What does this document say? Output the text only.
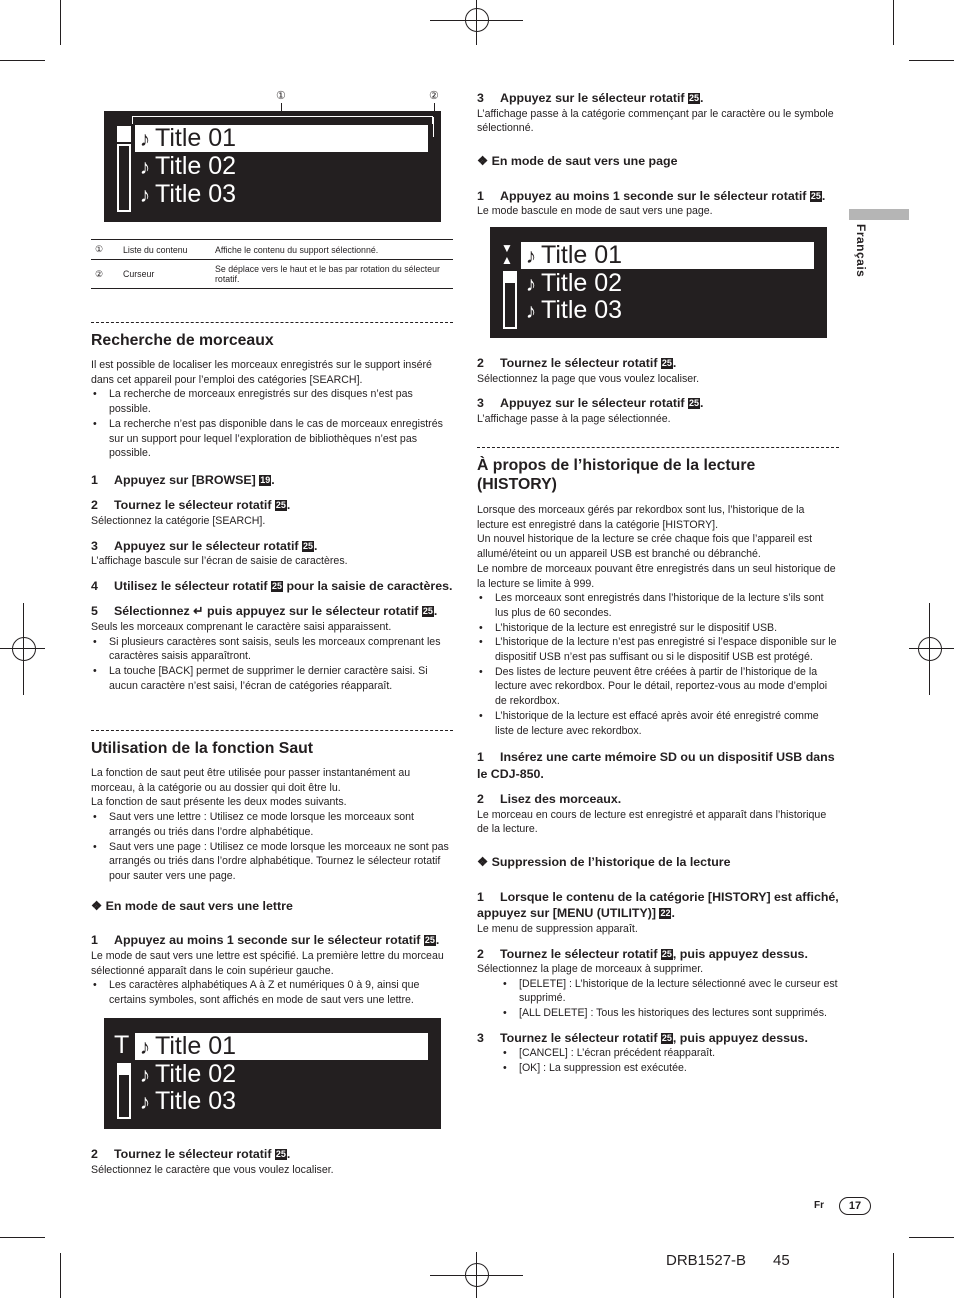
Français
①	②
♪ Title 01
♪ Title 02
♪ Title 03
①	Liste du contenu	Affiche le contenu du support sélectionné.
②	Curseur	Se déplace vers le haut et le bas par rotation du sélecteur rotatif.
Recherche de morceaux

Il est possible de localiser les morceaux enregistrés sur le support inséré dans cet appareil pour l’emploi des catégories [SEARCH].

• La recherche de morceaux enregistrés sur des disques n’est pas possible.
• La recherche n’est pas disponible dans le cas de morceaux enregistrés sur un support pour lequel l’exploration de bibliothèques n’est pas possible.

1 Appuyez sur [BROWSE] 19.

2 Tournez le sélecteur rotatif 25.

Sélectionnez la catégorie [SEARCH].

3 Appuyez sur le sélecteur rotatif 25.

L’affichage bascule sur l’écran de saisie de caractères.

4 Utilisez le sélecteur rotatif 25 pour la saisie de caractères.

5 Sélectionnez ↵ puis appuyez sur le sélecteur rotatif 25.

Seuls les morceaux comprenant le caractère saisi apparaissent.

• Si plusieurs caractères sont saisis, seuls les morceaux comprenant les caractères saisis apparaîtront.
• La touche [BACK] permet de supprimer le dernier caractère saisi. Si aucun caractère n’est saisi, l’écran de catégories réapparaît.
Utilisation de la fonction Saut

La fonction de saut peut être utilisée pour passer instantanément au morceau, à la catégorie ou au dossier qui doit être lu.

La fonction de saut présente les deux modes suivants.

• Saut vers une lettre : Utilisez ce mode lorsque les morceaux sont arrangés ou triés dans l’ordre alphabétique.
• Saut vers une page : Utilisez ce mode lorsque les morceaux ne sont pas arrangés ou triés dans l’ordre alphabétique. Tournez le sélecteur rotatif pour sauter vers une page.
❖ En mode de saut vers une lettre

1 Appuyez au moins 1 seconde sur le sélecteur rotatif 25.

Le mode de saut vers une lettre est spécifié. La première lettre du morceau sélectionné apparaît dans le coin supérieur gauche.

• Les caractères alphabétiques A à Z et numériques 0 à 9, ainsi que certains symboles, sont affichés en mode de saut vers une lettre.
T ♪ Title 01
♪ Title 02
♪ Title 03

2 Tournez le sélecteur rotatif 25.

Sélectionnez le caractère que vous voulez localiser.

3 Appuyez sur le sélecteur rotatif 25.

L’affichage passe à la catégorie commençant par le caractère ou le symbole sélectionné.

❖ En mode de saut vers une page

1 Appuyez au moins 1 seconde sur le sélecteur rotatif 25.

Le mode bascule en mode de saut vers une page.

▼
▲ ♪ Title 01
♪ Title 02
♪ Title 03

2 Tournez le sélecteur rotatif 25.

Sélectionnez la page que vous voulez localiser.

3 Appuyez sur le sélecteur rotatif 25.

L’affichage passe à la page sélectionnée.

À propos de l’historique de la lecture
(HISTORY)

Lorsque des morceaux gérés par rekordbox sont lus, l’historique de la lecture est enregistré dans la catégorie [HISTORY].

Un nouvel historique de la lecture se crée chaque fois que l’appareil est allumé/éteint ou un appareil USB est branché ou débranché.

Le nombre de morceaux pouvant être enregistrés dans un seul historique de la lecture se limite à 999.

• Les morceaux sont enregistrés dans l’historique de la lecture s’ils sont lus plus de 60 secondes.
• L’historique de la lecture est enregistré sur le dispositif USB.
• L’historique de la lecture n’est pas enregistré si l’espace disponible sur le dispositif USB n’est pas suffisant ou si le dispositif USB est protégé.
• Des listes de lecture peuvent être créées à partir de l’historique de la lecture avec rekordbox. Pour le détail, reportez-vous au mode d’emploi de rekordbox.
• L’historique de la lecture est effacé après avoir été enregistré comme liste de lecture avec rekordbox.

1 Insérez une carte mémoire SD ou un dispositif USB dans le CDJ-850.

2 Lisez des morceaux.

Le morceau en cours de lecture est enregistré et apparaît dans l’historique de la lecture.

❖ Suppression de l’historique de la lecture

1 Lorsque le contenu de la catégorie [HISTORY] est affiché, appuyez sur [MENU (UTILITY)] 22.

Le menu de suppression apparaît.

2 Tournez le sélecteur rotatif 25, puis appuyez dessus.

Sélectionnez la plage de morceaux à supprimer.

• [DELETE] : L’historique de la lecture sélectionné avec le curseur est supprimé.
• [ALL DELETE] : Tous les historiques des lectures sont supprimés.

3 Tournez le sélecteur rotatif 25, puis appuyez dessus.

• [CANCEL] : L’écran précédent réapparaît.
• [OK] : La suppression est exécutée.
Fr	17
DRB1527-B 45
